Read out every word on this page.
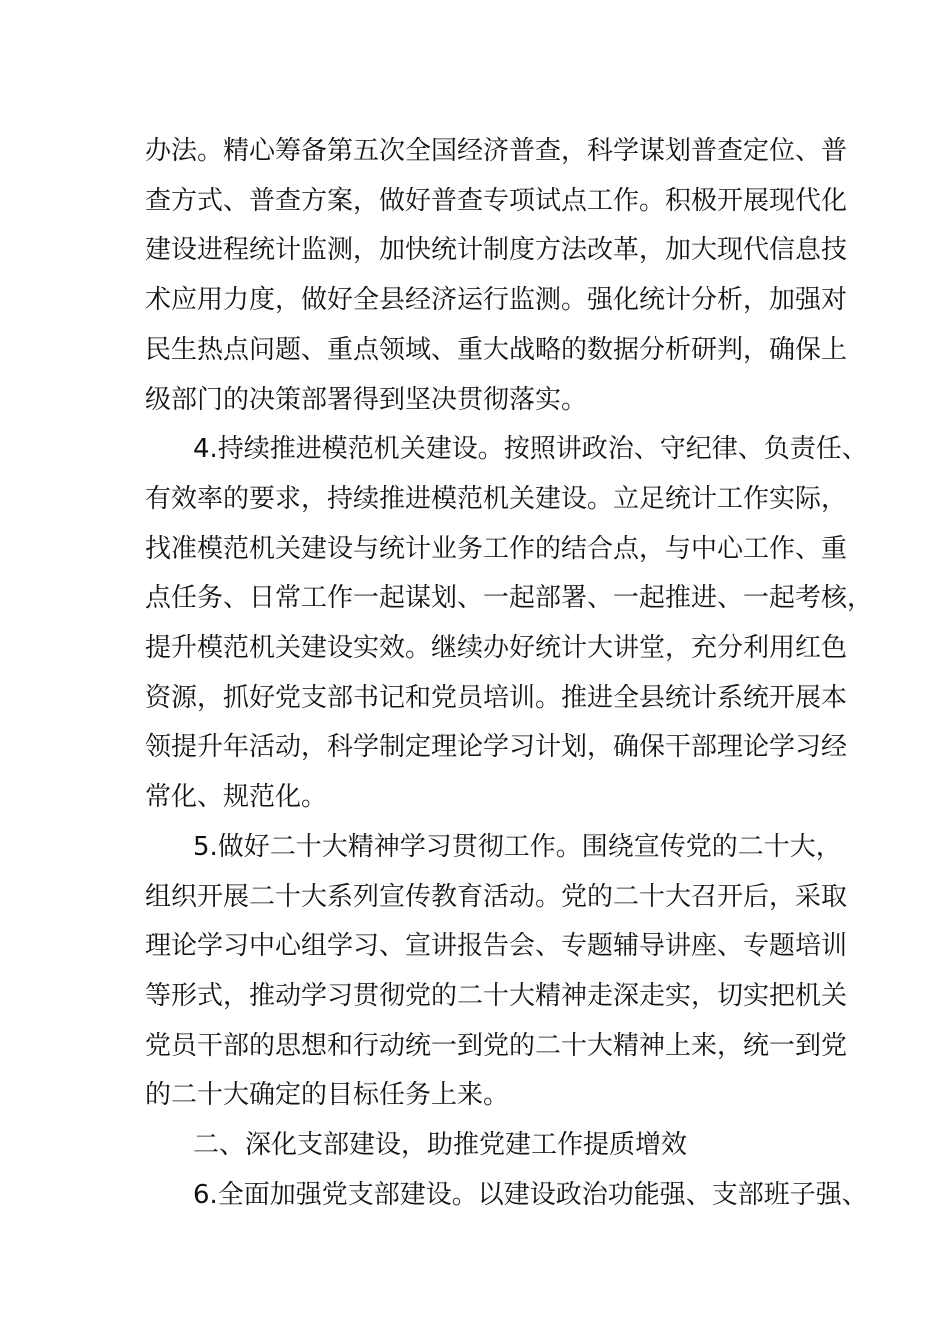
办法。精心筹备第五次全国经济普查，科学谋划普查定位、普
查方式、普查方案，做好普查专项试点工作。积极开展现代化
建设进程统计监测，加快统计制度方法改革，加大现代信息技
术应用力度，做好全县经济运行监测。强化统计分析，加强对
民生热点问题、重点领域、重大战略的数据分析研判，确保上
级部门的决策部署得到坚决贯彻落实。
4.持续推进模范机关建设。按照讲政治、守纪律、负责任、
有效率的要求，持续推进模范机关建设。立足统计工作实际，
找准模范机关建设与统计业务工作的结合点，与中心工作、重
点任务、日常工作一起谋划、一起部署、一起推进、一起考核，
提升模范机关建设实效。继续办好统计大讲堂，充分利用红色
资源，抓好党支部书记和党员培训。推进全县统计系统开展本
领提升年活动，科学制定理论学习计划，确保干部理论学习经
常化、规范化。
5.做好二十大精神学习贯彻工作。围绕宣传党的二十大，
组织开展二十大系列宣传教育活动。党的二十大召开后，采取
理论学习中心组学习、宣讲报告会、专题辅导讲座、专题培训
等形式，推动学习贯彻党的二十大精神走深走实，切实把机关
党员干部的思想和行动统一到党的二十大精神上来，统一到党
的二十大确定的目标任务上来。
二、深化支部建设，助推党建工作提质增效
6.全面加强党支部建设。以建设政治功能强、支部班子强、
